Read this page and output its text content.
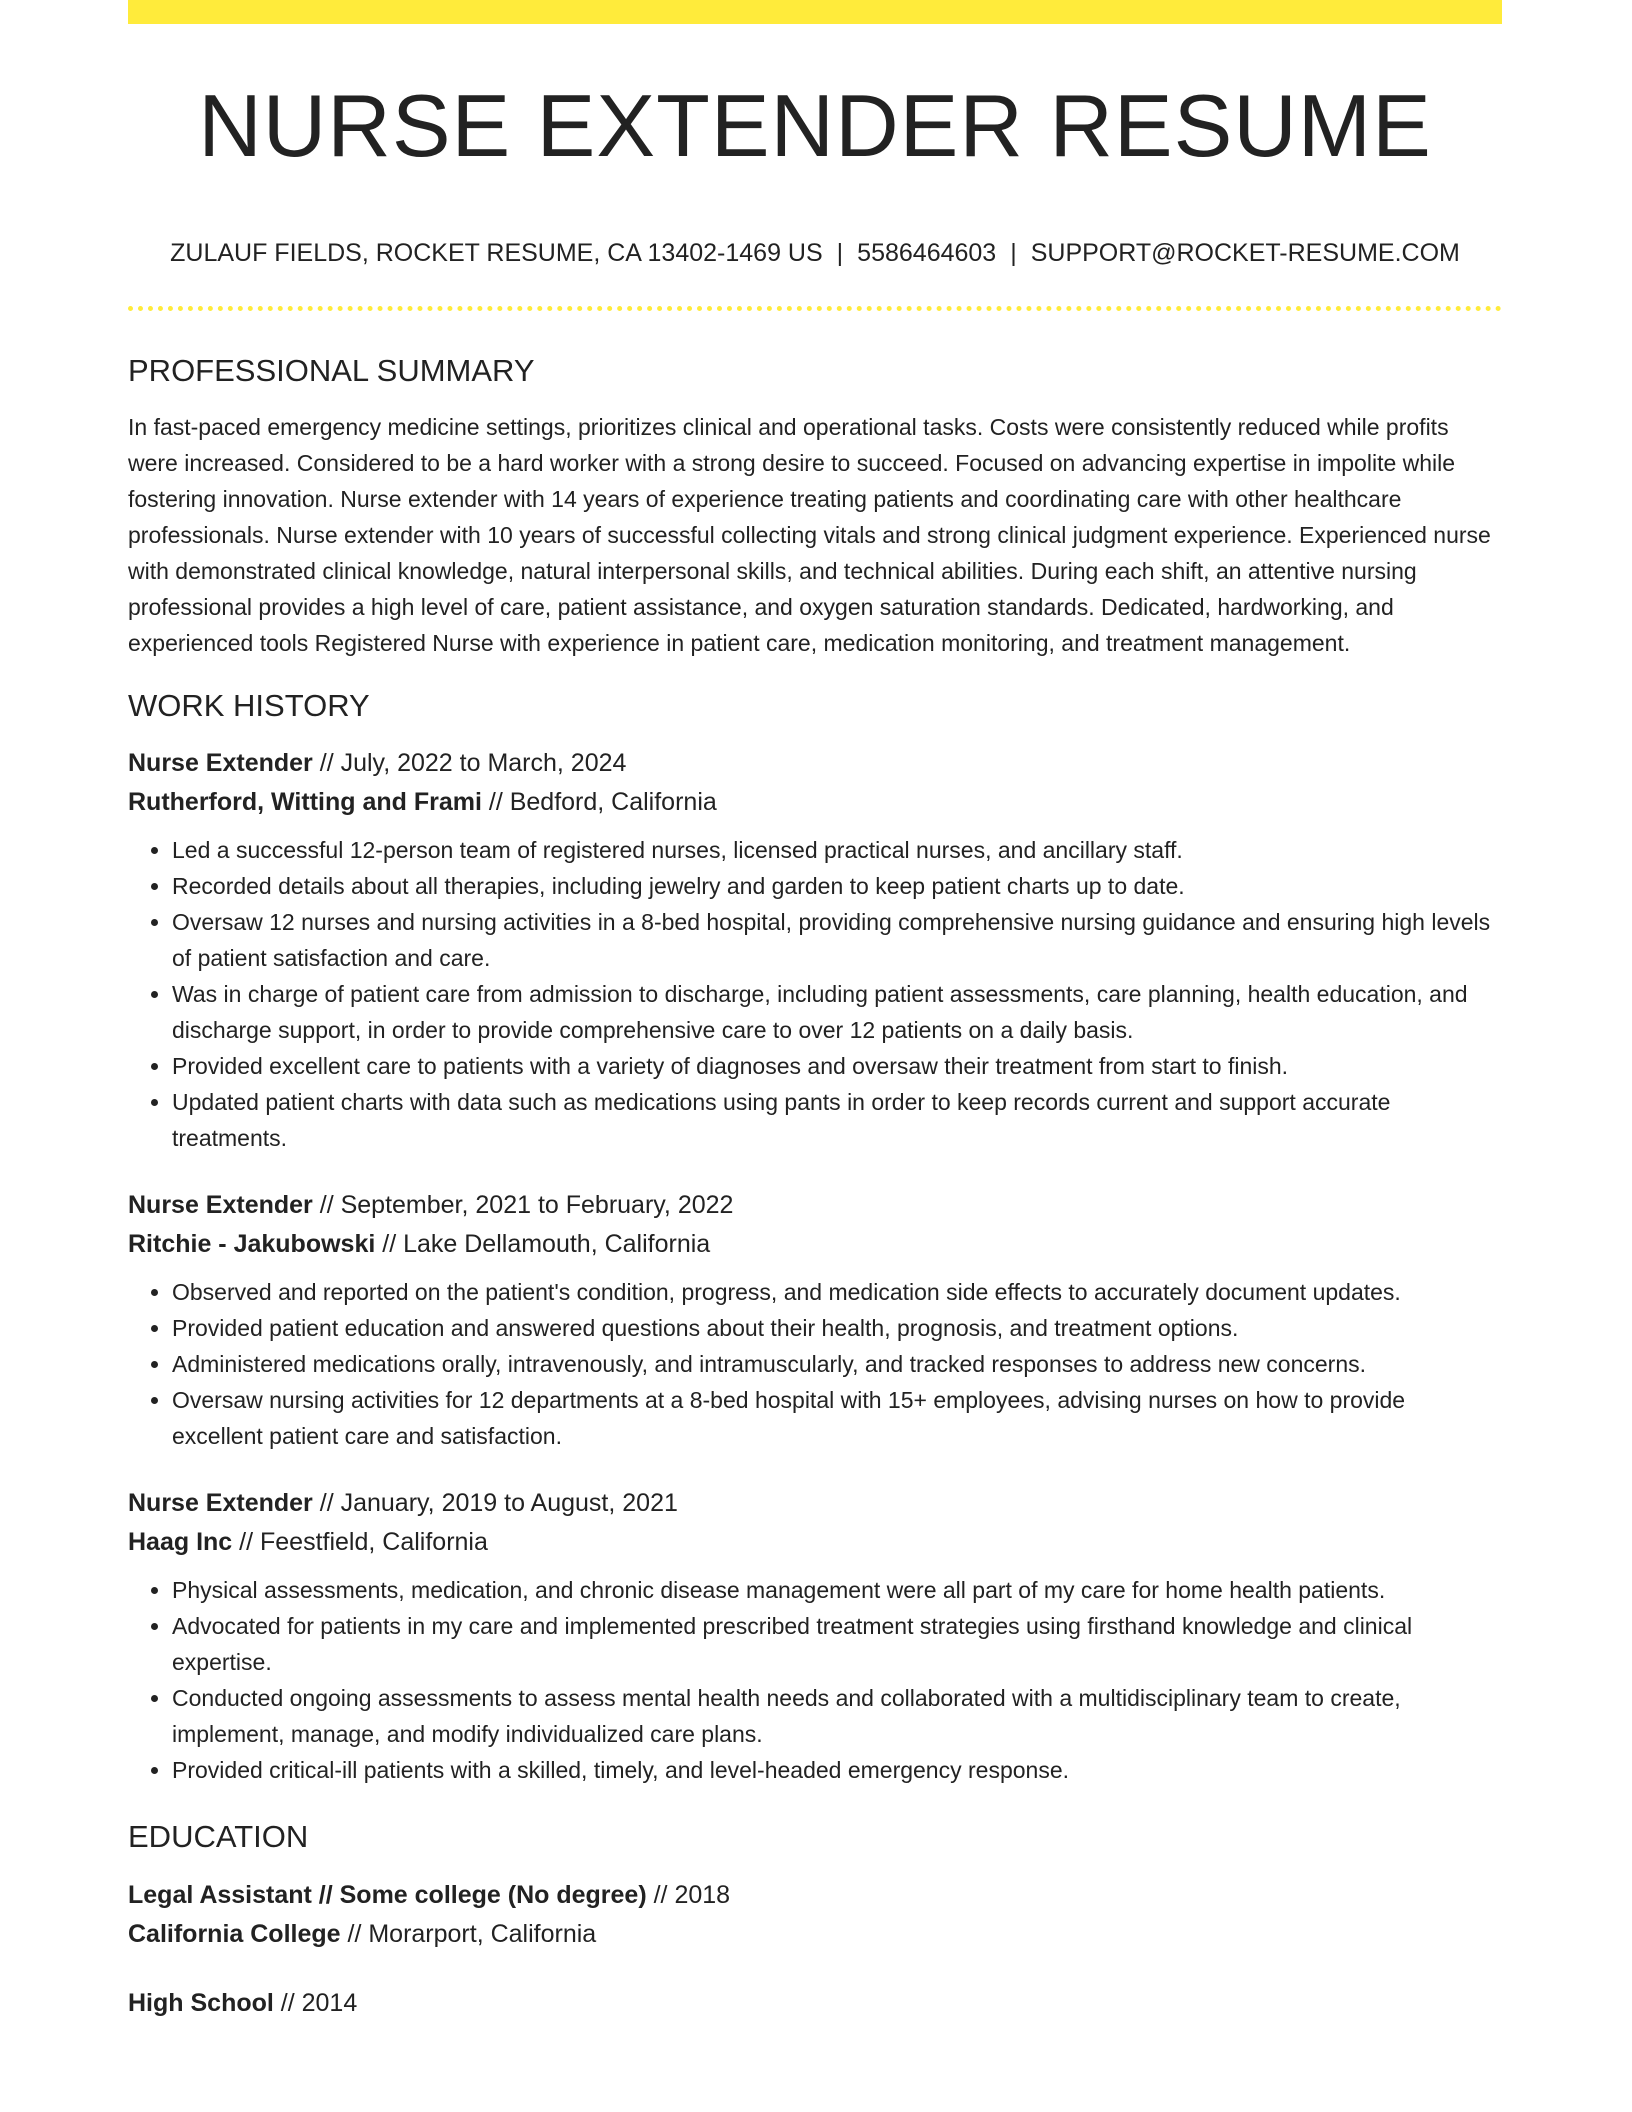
NURSE EXTENDER RESUME
ZULAUF FIELDS, ROCKET RESUME, CA 13402-1469 US | 5586464603 | SUPPORT@ROCKET-RESUME.COM
PROFESSIONAL SUMMARY

In fast-paced emergency medicine settings, prioritizes clinical and operational tasks. Costs were consistently reduced while profits were increased. Considered to be a hard worker with a strong desire to succeed. Focused on advancing expertise in impolite while fostering innovation. Nurse extender with 14 years of experience treating patients and coordinating care with other healthcare professionals. Nurse extender with 10 years of successful collecting vitals and strong clinical judgment experience. Experienced nurse with demonstrated clinical knowledge, natural interpersonal skills, and technical abilities. During each shift, an attentive nursing professional provides a high level of care, patient assistance, and oxygen saturation standards. Dedicated, hardworking, and experienced tools Registered Nurse with experience in patient care, medication monitoring, and treatment management.

WORK HISTORY
Nurse Extender // July, 2022 to March, 2024
Rutherford, Witting and Frami // Bedford, California
• Led a successful 12-person team of registered nurses, licensed practical nurses, and ancillary staff.
• Recorded details about all therapies, including jewelry and garden to keep patient charts up to date.
• Oversaw 12 nurses and nursing activities in a 8-bed hospital, providing comprehensive nursing guidance and ensuring high levels of patient satisfaction and care.
• Was in charge of patient care from admission to discharge, including patient assessments, care planning, health education, and discharge support, in order to provide comprehensive care to over 12 patients on a daily basis.
• Provided excellent care to patients with a variety of diagnoses and oversaw their treatment from start to finish.
• Updated patient charts with data such as medications using pants in order to keep records current and support accurate treatments.
Nurse Extender // September, 2021 to February, 2022
Ritchie - Jakubowski // Lake Dellamouth, California
• Observed and reported on the patient's condition, progress, and medication side effects to accurately document updates.
• Provided patient education and answered questions about their health, prognosis, and treatment options.
• Administered medications orally, intravenously, and intramuscularly, and tracked responses to address new concerns.
• Oversaw nursing activities for 12 departments at a 8-bed hospital with 15+ employees, advising nurses on how to provide excellent patient care and satisfaction.
Nurse Extender // January, 2019 to August, 2021
Haag Inc // Feestfield, California
• Physical assessments, medication, and chronic disease management were all part of my care for home health patients.
• Advocated for patients in my care and implemented prescribed treatment strategies using firsthand knowledge and clinical expertise.
• Conducted ongoing assessments to assess mental health needs and collaborated with a multidisciplinary team to create, implement, manage, and modify individualized care plans.
• Provided critical-ill patients with a skilled, timely, and level-headed emergency response.
EDUCATION
Legal Assistant // Some college (No degree) // 2018
California College // Morarport, California
High School // 2014
